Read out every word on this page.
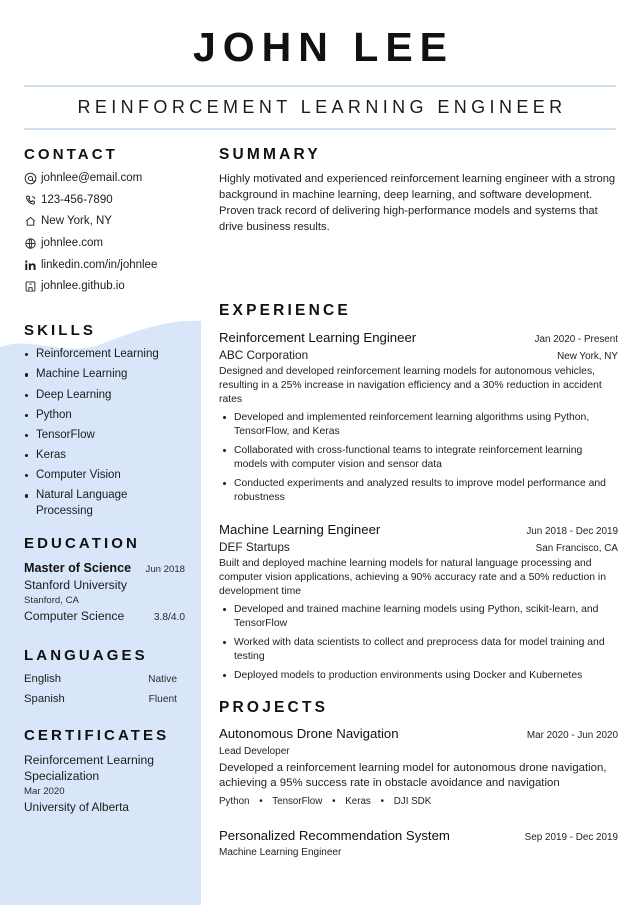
JOHN LEE
REINFORCEMENT LEARNING ENGINEER
CONTACT
johnlee@email.com
123-456-7890
New York, NY
johnlee.com
linkedin.com/in/johnlee
johnlee.github.io
SKILLS
Reinforcement Learning
Machine Learning
Deep Learning
Python
TensorFlow
Keras
Computer Vision
Natural Language Processing
EDUCATION
Master of Science Jun 2018
Stanford University
Stanford, CA
Computer Science	3.8/4.0
LANGUAGES
English	Native
Spanish	Fluent
CERTIFICATES
Reinforcement Learning Specialization
Mar 2020
University of Alberta
SUMMARY

Highly motivated and experienced reinforcement learning engineer with a strong background in machine learning, deep learning, and software development. Proven track record of delivering high-performance models and systems that drive business results.

EXPERIENCE
Reinforcement Learning Engineer	Jan 2020 - Present
ABC Corporation	New York, NY

Designed and developed reinforcement learning models for autonomous vehicles, resulting in a 25% increase in navigation efficiency and a 30% reduction in accident rates

Developed and implemented reinforcement learning algorithms using Python, TensorFlow, and Keras
Collaborated with cross-functional teams to integrate reinforcement learning models with computer vision and sensor data
Conducted experiments and analyzed results to improve model performance and robustness
Machine Learning Engineer	Jun 2018 - Dec 2019
DEF Startups	San Francisco, CA

Built and deployed machine learning models for natural language processing and computer vision applications, achieving a 90% accuracy rate and a 50% reduction in development time

Developed and trained machine learning models using Python, scikit-learn, and TensorFlow
Worked with data scientists to collect and preprocess data for model training and testing
Deployed models to production environments using Docker and Kubernetes
PROJECTS
Autonomous Drone Navigation	Mar 2020 - Jun 2020
Lead Developer

Developed a reinforcement learning model for autonomous drone navigation, achieving a 95% success rate in obstacle avoidance and navigation

Python • TensorFlow • Keras • DJI SDK
Personalized Recommendation System	Sep 2019 - Dec 2019
Machine Learning Engineer
